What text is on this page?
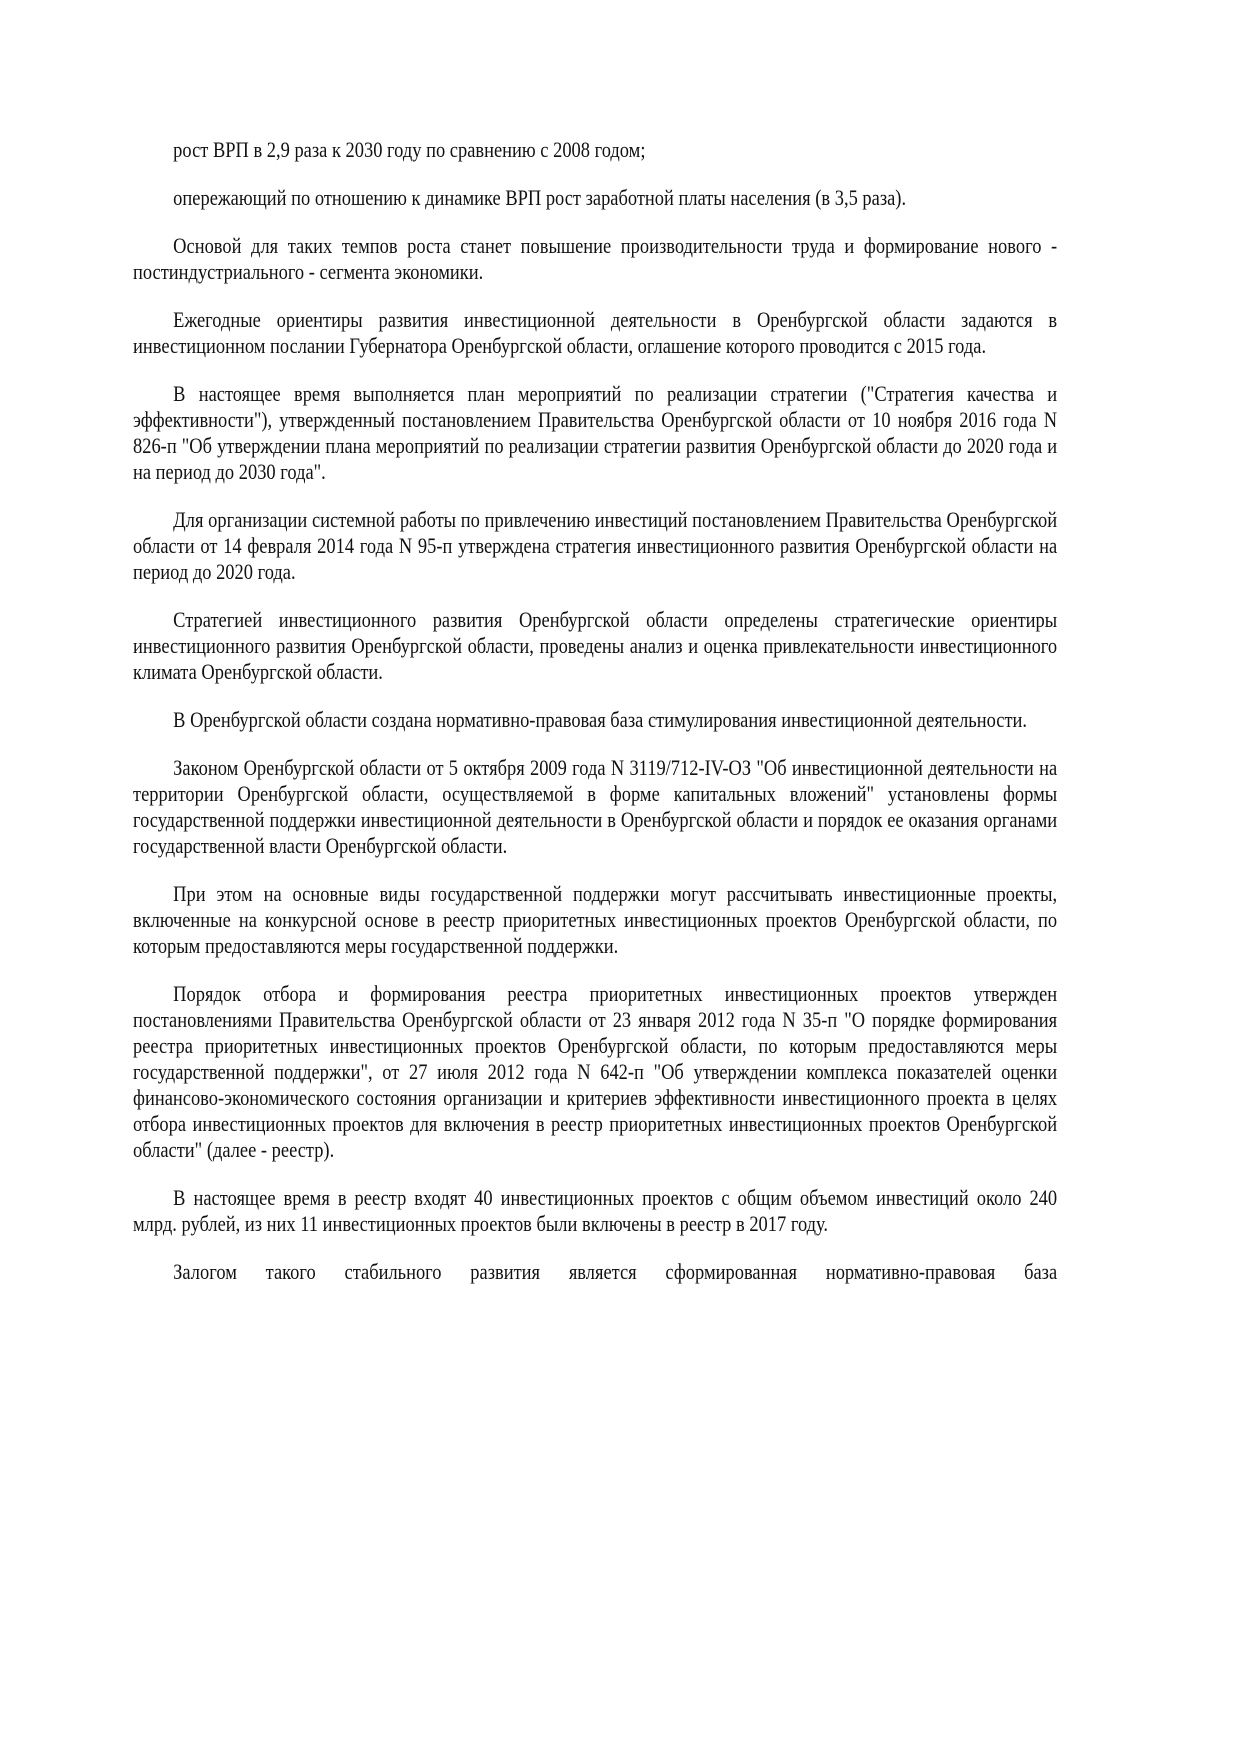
рост ВРП в 2,9 раза к 2030 году по сравнению с 2008 годом;

опережающий по отношению к динамике ВРП рост заработной платы населения (в 3,5 раза).

Основой для таких темпов роста станет повышение производительности труда и формирование нового - постиндустриального - сегмента экономики.

Ежегодные ориентиры развития инвестиционной деятельности в Оренбургской области задаются в инвестиционном послании Губернатора Оренбургской области, оглашение которого проводится с 2015 года.

В настоящее время выполняется план мероприятий по реализации стратегии ("Стратегия качества и эффективности"), утвержденный постановлением Правительства Оренбургской области от 10 ноября 2016 года N 826-п "Об утверждении плана мероприятий по реализации стратегии развития Оренбургской области до 2020 года и на период до 2030 года".

Для организации системной работы по привлечению инвестиций постановлением Правительства Оренбургской области от 14 февраля 2014 года N 95-п утверждена стратегия инвестиционного развития Оренбургской области на период до 2020 года.

Стратегией инвестиционного развития Оренбургской области определены стратегические ориентиры инвестиционного развития Оренбургской области, проведены анализ и оценка привлекательности инвестиционного климата Оренбургской области.

В Оренбургской области создана нормативно-правовая база стимулирования инвестиционной деятельности.

Законом Оренбургской области от 5 октября 2009 года N 3119/712-IV-ОЗ "Об инвестиционной деятельности на территории Оренбургской области, осуществляемой в форме капитальных вложений" установлены формы государственной поддержки инвестиционной деятельности в Оренбургской области и порядок ее оказания органами государственной власти Оренбургской области.

При этом на основные виды государственной поддержки могут рассчитывать инвестиционные проекты, включенные на конкурсной основе в реестр приоритетных инвестиционных проектов Оренбургской области, по которым предоставляются меры государственной поддержки.

Порядок отбора и формирования реестра приоритетных инвестиционных проектов утвержден постановлениями Правительства Оренбургской области от 23 января 2012 года N 35-п "О порядке формирования реестра приоритетных инвестиционных проектов Оренбургской области, по которым предоставляются меры государственной поддержки", от 27 июля 2012 года N 642-п "Об утверждении комплекса показателей оценки финансово-экономического состояния организации и критериев эффективности инвестиционного проекта в целях отбора инвестиционных проектов для включения в реестр приоритетных инвестиционных проектов Оренбургской области" (далее - реестр).

В настоящее время в реестр входят 40 инвестиционных проектов с общим объемом инвестиций около 240 млрд. рублей, из них 11 инвестиционных проектов были включены в реестр в 2017 году.

Залогом такого стабильного развития является сформированная нормативно-правовая база
